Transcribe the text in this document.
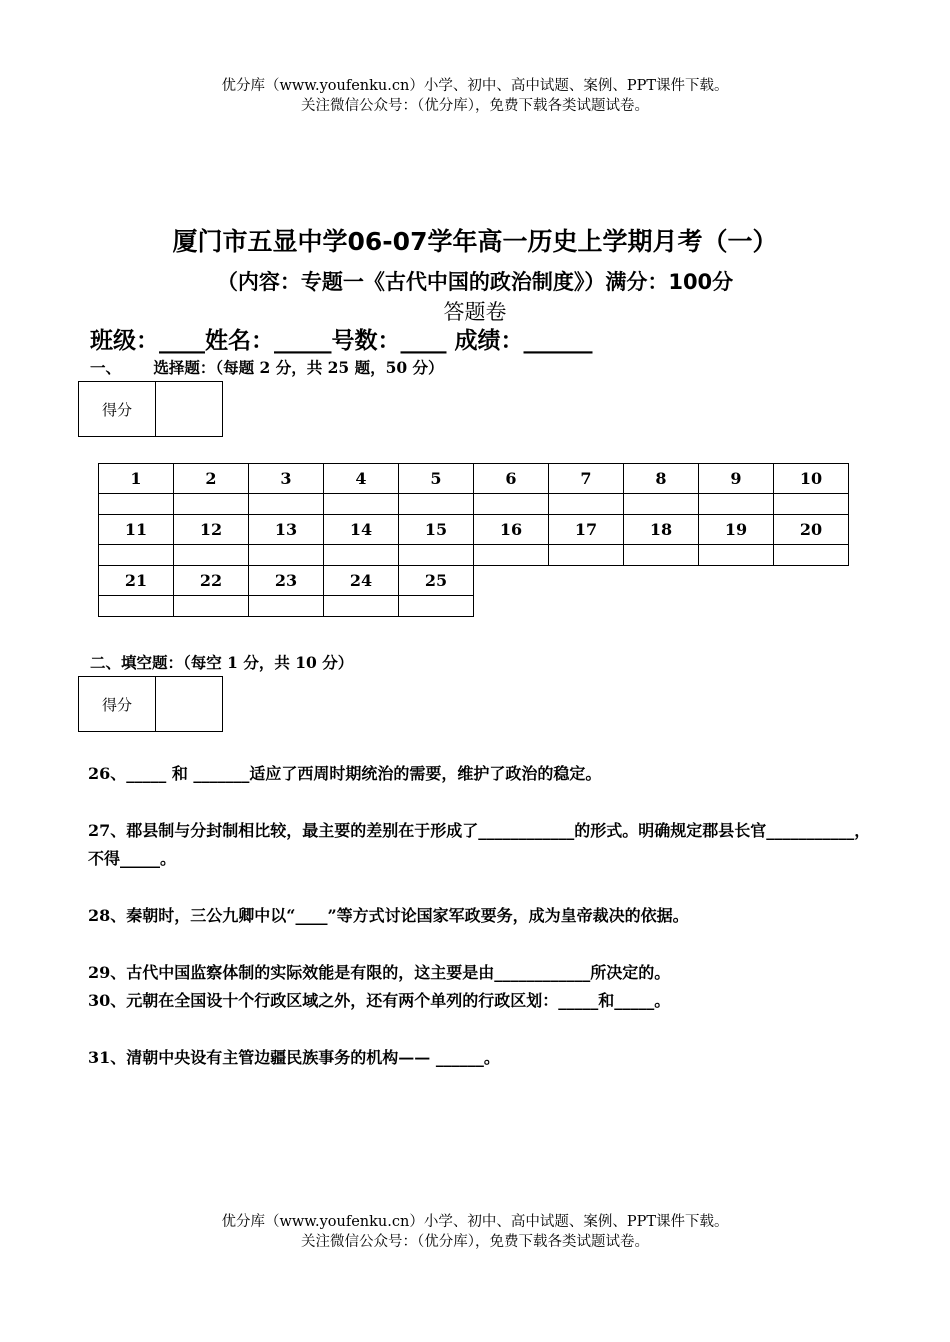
优分库（www.youfenku.cn）小学、初中、高中试题、案例、PPT课件下载。
关注微信公众号：（优分库），免费下载各类试题试卷。
厦门市五显中学06-07学年高一历史上学期月考（一）
（内容：专题一《古代中国的政治制度》）满分：100分
答题卷
班级：____姓名：_____号数：____ 成绩：______
一、      选择题：（每题 2 分，共 25 题，50 分）
得分	
1	2	3	4	5	6	7	8	9	10

11	12	13	14	15	16	17	18	19	20

21	22	23	24	25					

二、填空题：（每空 1 分，共 10 分）
得分	
26、_____ 和 _______适应了西周时期统治的需要，维护了政治的稳定。
27、郡县制与分封制相比较，最主要的差别在于形成了____________的形式。明确规定郡县长官___________，不得_____。
28、秦朝时，三公九卿中以“____”等方式讨论国家军政要务，成为皇帝裁决的依据。
29、古代中国监察体制的实际效能是有限的，这主要是由____________所决定的。
30、元朝在全国设十个行政区域之外，还有两个单列的行政区划：_____和_____。
31、清朝中央设有主管边疆民族事务的机构—— ______。
优分库（www.youfenku.cn）小学、初中、高中试题、案例、PPT课件下载。
关注微信公众号：（优分库），免费下载各类试题试卷。
